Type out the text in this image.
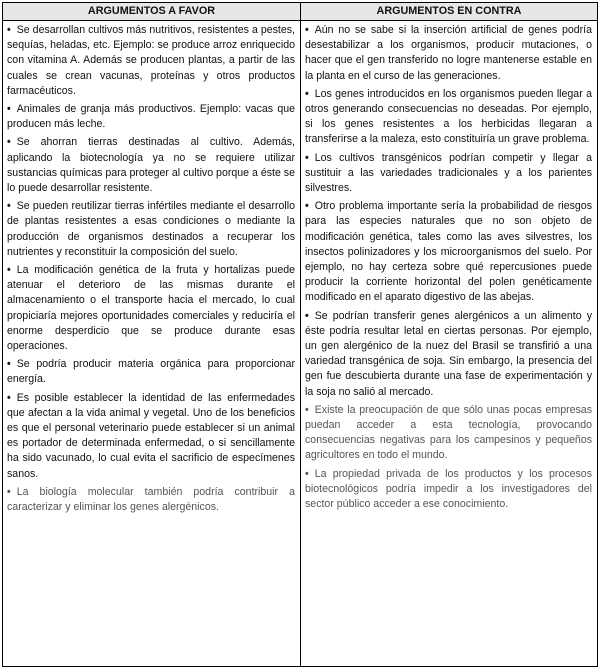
ARGUMENTOS A FAVOR	ARGUMENTOS EN CONTRA

• Se desarrollan cultivos más nutritivos, resistentes a pestes, sequías, heladas, etc. Ejemplo: se produce arroz enriquecido con vitamina A. Además se producen plantas, a partir de las cuales se crean vacunas, proteínas y otros productos farmacéuticos.

• Animales de granja más productivos. Ejemplo: vacas que producen más leche.

• Se ahorran tierras destinadas al cultivo. Además, aplicando la biotecnología ya no se requiere utilizar sustancias químicas para proteger al cultivo porque a éste se lo puede desarrollar resistente.

• Se pueden reutilizar tierras infértiles mediante el desarrollo de plantas resistentes a esas condiciones o mediante la producción de organismos destinados a recuperar los nutrientes y reconstituir la composición del suelo.

• La modificación genética de la fruta y hortalizas puede atenuar el deterioro de las mismas durante el almacenamiento o el transporte hacia el mercado, lo cual propiciaría mejores oportunidades comerciales y reduciría el enorme desperdicio que se produce durante esas operaciones.

• Se podría producir materia orgánica para proporcionar energía.

• Es posible establecer la identidad de las enfermedades que afectan a la vida animal y vegetal. Uno de los beneficios es que el personal veterinario puede establecer si un animal es portador de determinada enfermedad, o si sencillamente ha sido vacunado, lo cual evita el sacrificio de especímenes sanos.

• La biología molecular también podría contribuir a caracterizar y eliminar los genes alergénicos.

• Aún no se sabe si la inserción artificial de genes podría desestabilizar a los organismos, producir mutaciones, o hacer que el gen transferido no logre mantenerse estable en la planta en el curso de las generaciones.

• Los genes introducidos en los organismos pueden llegar a otros generando consecuencias no deseadas. Por ejemplo, si los genes resistentes a los herbicidas llegaran a transferirse a la maleza, esto constituiría un grave problema.

• Los cultivos transgénicos podrían competir y llegar a sustituir a las variedades tradicionales y a los parientes silvestres.

• Otro problema importante sería la probabilidad de riesgos para las especies naturales que no son objeto de modificación genética, tales como las aves silvestres, los insectos polinizadores y los microorganismos del suelo. Por ejemplo, no hay certeza sobre qué repercusiones puede producir la corriente horizontal del polen genéticamente modificado en el aparato digestivo de las abejas.

• Se podrían transferir genes alergénicos a un alimento y éste podría resultar letal en ciertas personas. Por ejemplo, un gen alergénico de la nuez del Brasil se transfirió a una variedad transgénica de soja. Sin embargo, la presencia del gen fue descubierta durante una fase de experimentación y la soja no salió al mercado.

• Existe la preocupación de que sólo unas pocas empresas puedan acceder a esta tecnología, provocando consecuencias negativas para los campesinos y pequeños agricultores en todo el mundo.

• La propiedad privada de los productos y los procesos biotecnológicos podría impedir a los investigadores del sector público acceder a ese conocimiento.
